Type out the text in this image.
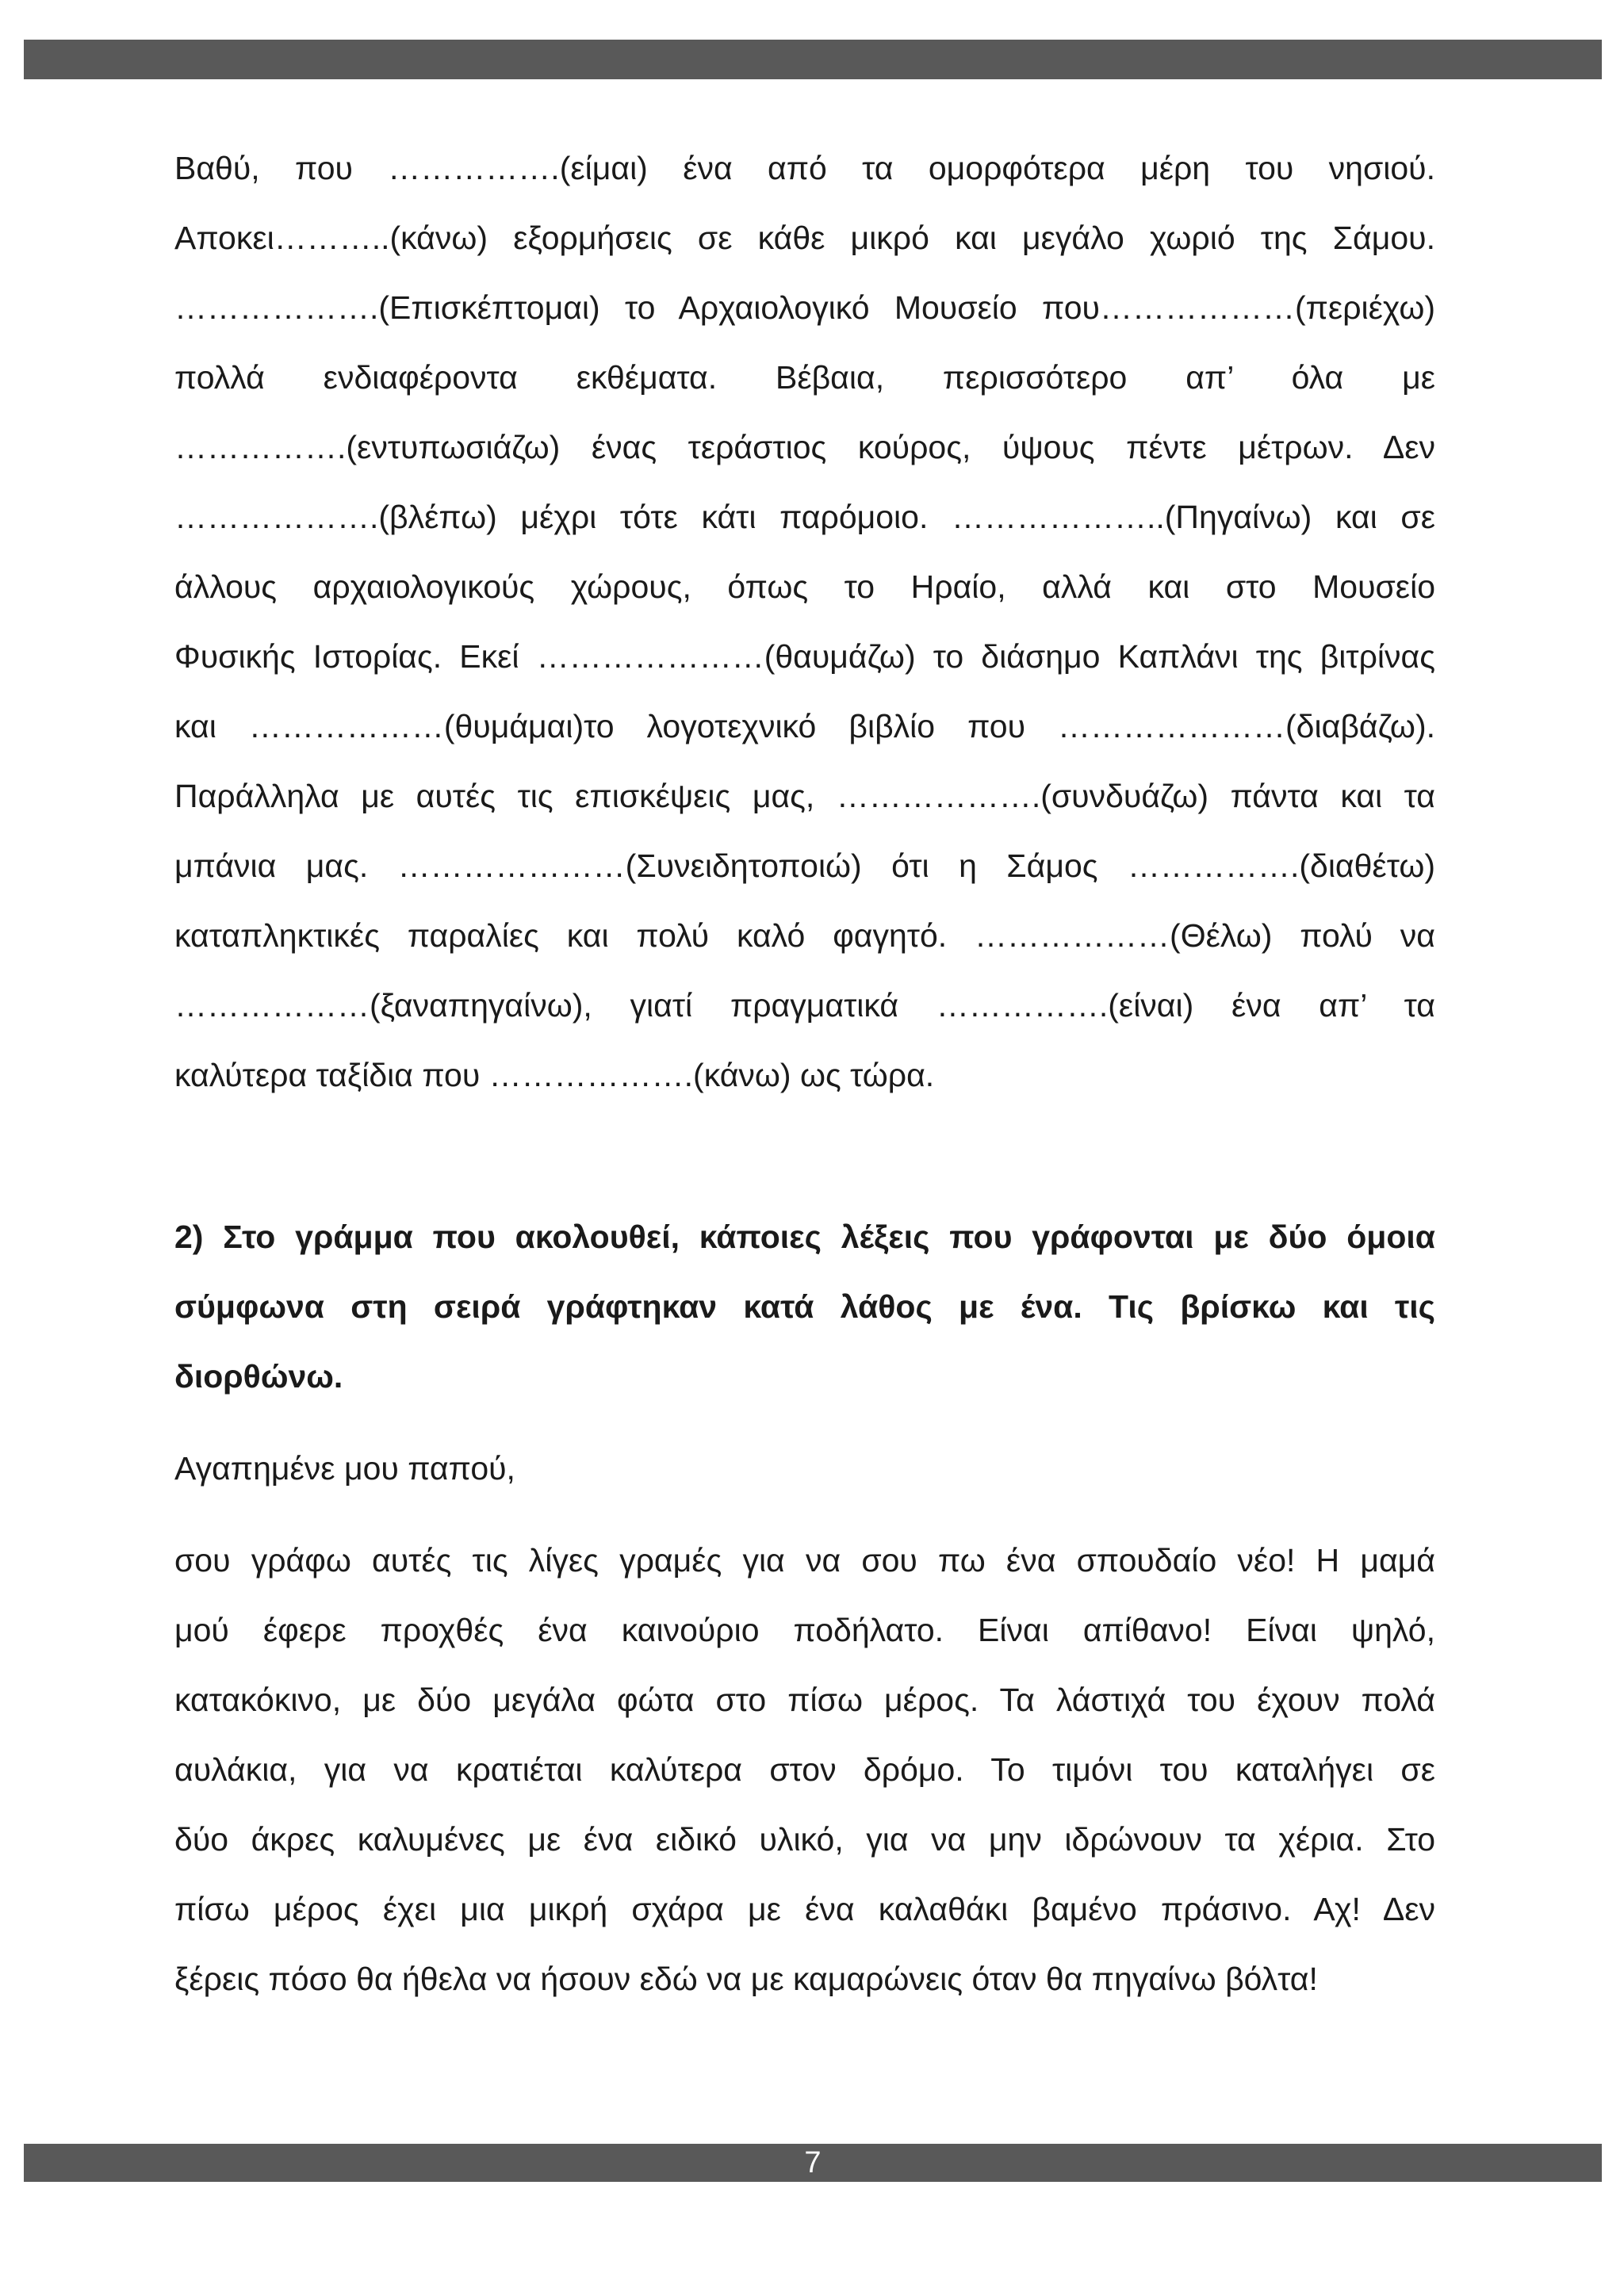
Βαθύ, που …………….(είμαι) ένα από τα ομορφότερα μέρη του νησιού.
Αποκει………..(κάνω) εξορμήσεις σε κάθε μικρό και μεγάλο χωριό της Σάμου.
……………….(Επισκέπτομαι) το Αρχαιολογικό Μουσείο που………………(περιέχω)
πολλά ενδιαφέροντα εκθέματα. Βέβαια, περισσότερο απ’ όλα με
…………….(εντυπωσιάζω) ένας τεράστιος κούρος, ύψους πέντε μέτρων. Δεν
……………….(βλέπω) μέχρι τότε κάτι παρόμοιο. ………………..(Πηγαίνω) και σε
άλλους αρχαιολογικούς χώρους, όπως το Ηραίο, αλλά και στο Μουσείο
Φυσικής Ιστορίας. Εκεί …………………(θαυμάζω) το διάσημο Καπλάνι της βιτρίνας
και ………………(θυμάμαι)το λογοτεχνικό βιβλίο που …………………(διαβάζω).
Παράλληλα με αυτές τις επισκέψεις μας, ……………….(συνδυάζω) πάντα και τα
μπάνια μας. …………………(Συνειδητοποιώ) ότι η Σάμος …………….(διαθέτω)
καταπληκτικές παραλίες και πολύ καλό φαγητό. ………………(Θέλω) πολύ να
………………(ξαναπηγαίνω), γιατί πραγματικά …………….(είναι) ένα απ’ τα
καλύτερα ταξίδια που ……………….(κάνω) ως τώρα.
2) Στο γράμμα που ακολουθεί, κάποιες λέξεις που γράφονται με δύο όμοια
σύμφωνα στη σειρά γράφτηκαν κατά λάθος με ένα. Τις βρίσκω και τις
διορθώνω.
Αγαπημένε μου παπού,
σου γράφω αυτές τις λίγες γραμές για να σου πω ένα σπουδαίο νέο! Η μαμά
μού έφερε προχθές ένα καινούριο ποδήλατο. Είναι απίθανο! Είναι ψηλό,
κατακόκινο, με δύο μεγάλα φώτα στο πίσω μέρος. Τα λάστιχά του έχουν πολά
αυλάκια, για να κρατιέται καλύτερα στον δρόμο. Το τιμόνι του καταλήγει σε
δύο άκρες καλυμένες με ένα ειδικό υλικό, για να μην ιδρώνουν τα χέρια. Στο
πίσω μέρος έχει μια μικρή σχάρα με ένα καλαθάκι βαμένο πράσινο. Αχ! Δεν
ξέρεις πόσο θα ήθελα να ήσουν εδώ να με καμαρώνεις όταν θα πηγαίνω βόλτα!
7
